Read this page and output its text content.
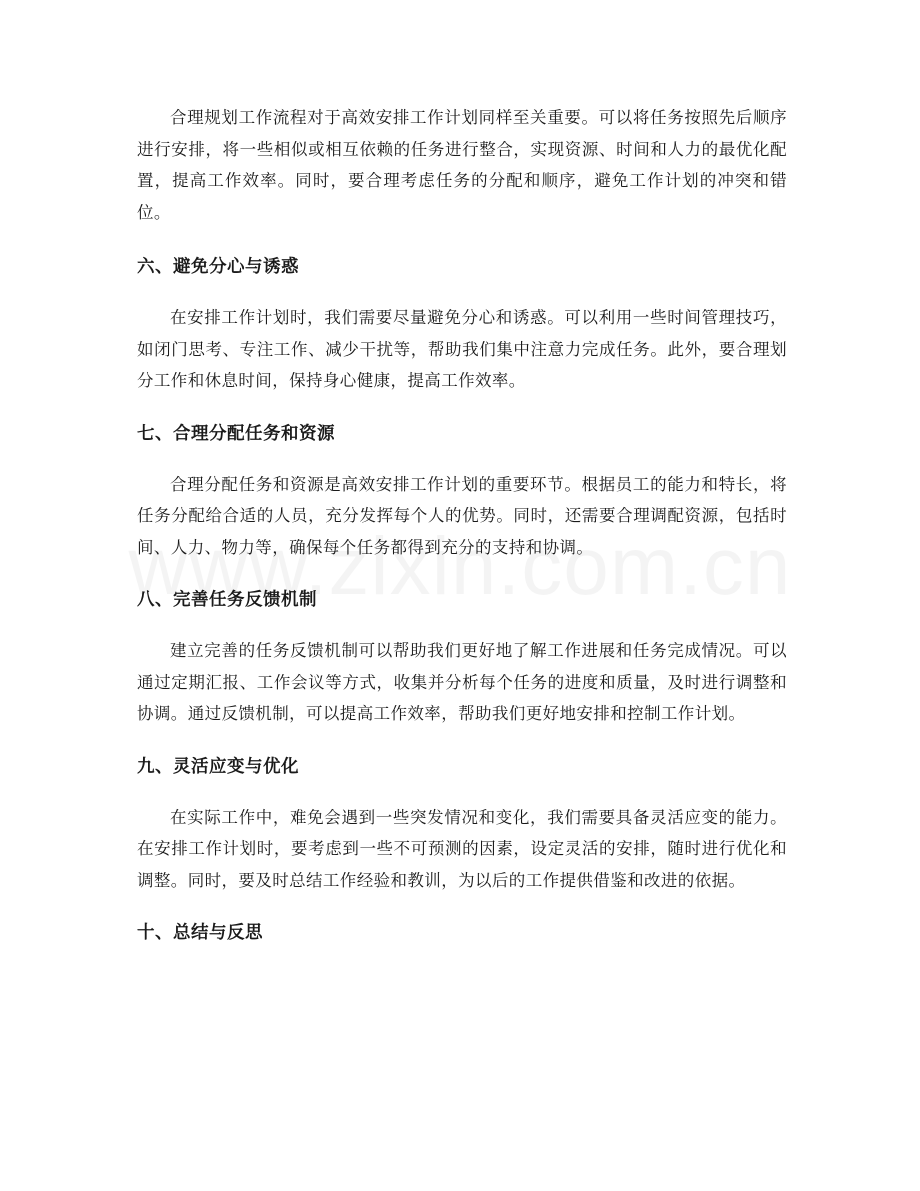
合理规划工作流程对于高效安排工作计划同样至关重要。可以将任务按照先后顺序进行安排，将一些相似或相互依赖的任务进行整合，实现资源、时间和人力的最优化配置，提高工作效率。同时，要合理考虑任务的分配和顺序，避免工作计划的冲突和错位。

六、避免分心与诱惑

在安排工作计划时，我们需要尽量避免分心和诱惑。可以利用一些时间管理技巧，如闭门思考、专注工作、减少干扰等，帮助我们集中注意力完成任务。此外，要合理划分工作和休息时间，保持身心健康，提高工作效率。

七、合理分配任务和资源

合理分配任务和资源是高效安排工作计划的重要环节。根据员工的能力和特长，将任务分配给合适的人员，充分发挥每个人的优势。同时，还需要合理调配资源，包括时间、人力、物力等，确保每个任务都得到充分的支持和协调。

八、完善任务反馈机制

建立完善的任务反馈机制可以帮助我们更好地了解工作进展和任务完成情况。可以通过定期汇报、工作会议等方式，收集并分析每个任务的进度和质量，及时进行调整和协调。通过反馈机制，可以提高工作效率，帮助我们更好地安排和控制工作计划。

九、灵活应变与优化

在实际工作中，难免会遇到一些突发情况和变化，我们需要具备灵活应变的能力。在安排工作计划时，要考虑到一些不可预测的因素，设定灵活的安排，随时进行优化和调整。同时，要及时总结工作经验和教训，为以后的工作提供借鉴和改进的依据。

十、总结与反思
